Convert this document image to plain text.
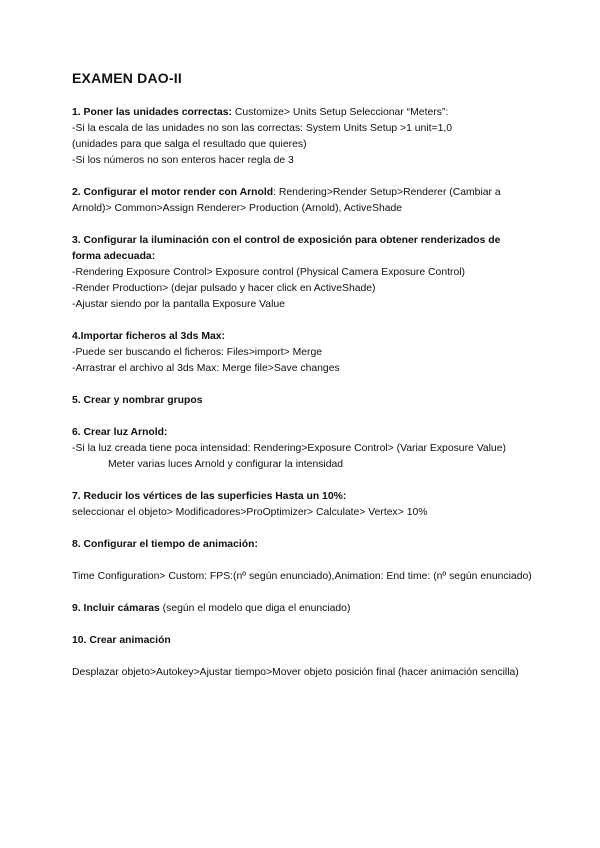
EXAMEN DAO-II
1. Poner las unidades correctas: Customize> Units Setup Seleccionar “Meters”:
-Si la escala de las unidades no son las correctas: System Units Setup >1 unit=1,0
(unidades para que salga el resultado que quieres)
-Si los números no son enteros hacer regla de 3
2. Configurar el motor render con Arnold: Rendering>Render Setup>Renderer (Cambiar a Arnold)> Common>Assign Renderer> Production (Arnold), ActiveShade
3. Configurar la iluminación con el control de exposición para obtener renderizados de forma adecuada:
-Rendering Exposure Control> Exposure control (Physical Camera Exposure Control)
-Render Production> (dejar pulsado y hacer click en ActiveShade)
-Ajustar siendo por la pantalla Exposure Value
4.Importar ficheros al 3ds Max:
-Puede ser buscando el ficheros: Files>import> Merge
-Arrastrar el archivo al 3ds Max: Merge file>Save changes
5. Crear y nombrar grupos
6. Crear luz Arnold:
-Si la luz creada tiene poca intensidad: Rendering>Exposure Control> (Variar Exposure Value)
Meter varias luces Arnold y configurar la intensidad
7. Reducir los vértices de las superficies Hasta un 10%:
seleccionar el objeto> Modificadores>ProOptimizer> Calculate> Vertex> 10%
8. Configurar el tiempo de animación:
Time Configuration> Custom: FPS:(nº según enunciado),Animation: End time: (nº según enunciado)
9. Incluir cámaras (según el modelo que diga el enunciado)
10. Crear animación
Desplazar objeto>Autokey>Ajustar tiempo>Mover objeto posición final (hacer animación sencilla)
